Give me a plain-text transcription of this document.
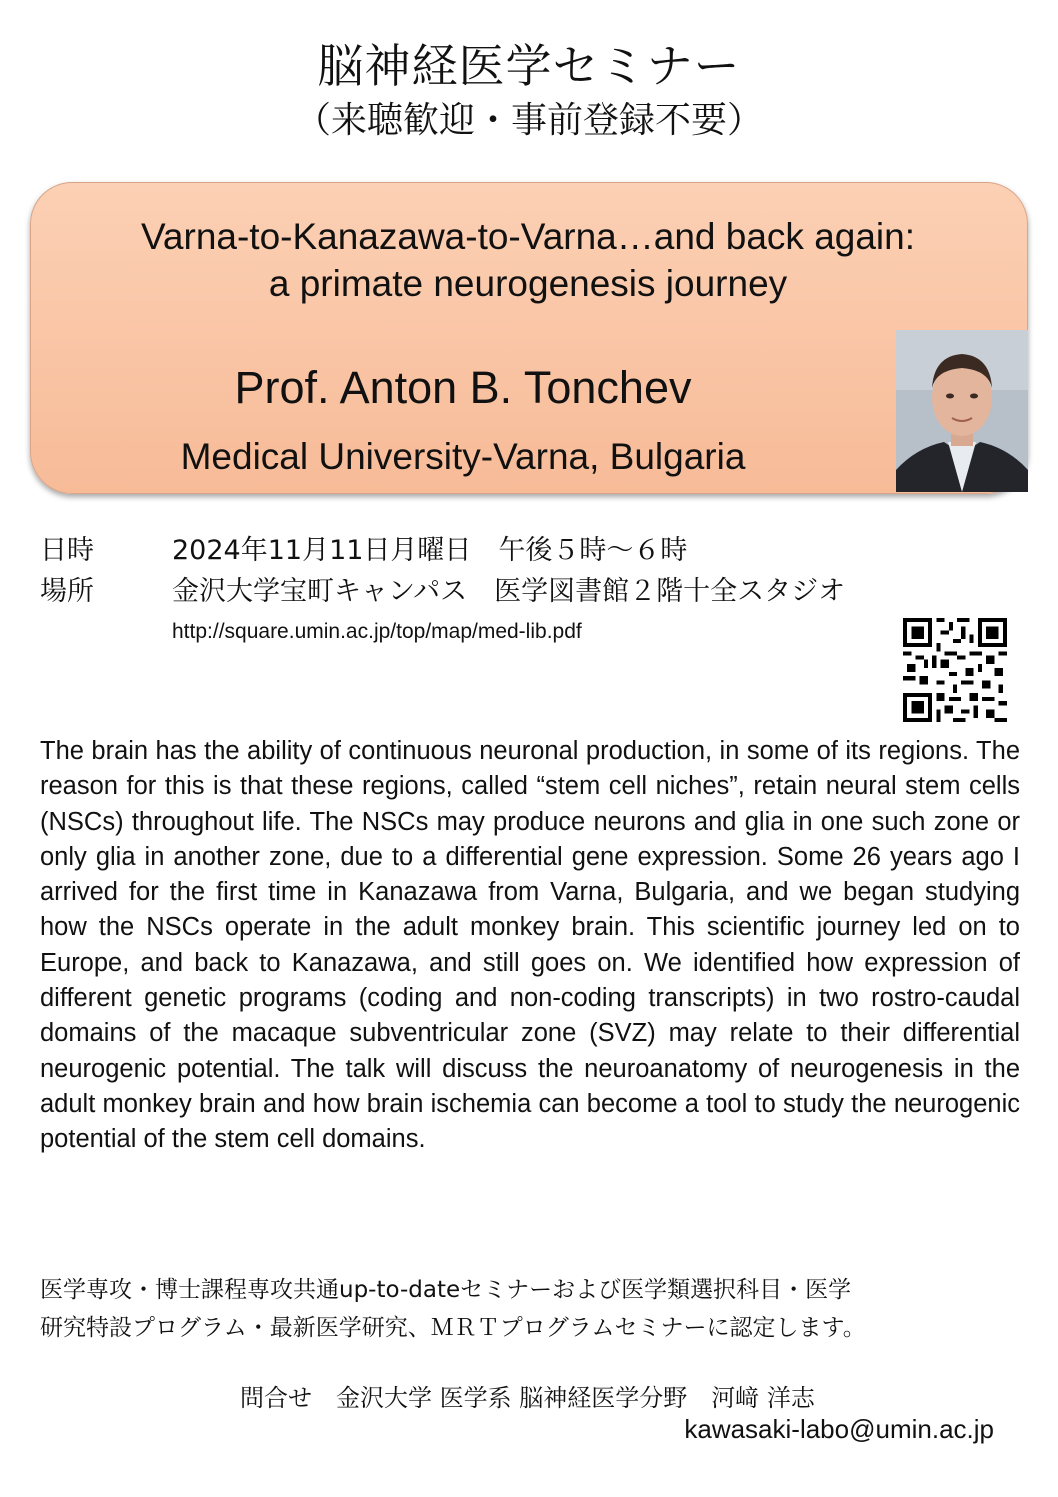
脳神経医学セミナー
（来聴歓迎・事前登録不要）
Varna-to-Kanazawa-to-Varna…and back again:
a primate neurogenesis journey
Prof. Anton B. Tonchev
Medical University-Varna, Bulgaria
日時	2024年11月11日月曜日　午後５時〜６時
場所	金沢大学宝町キャンパス　医学図書館２階十全スタジオ
http://square.umin.ac.jp/top/map/med-lib.pdf
The brain has the ability of continuous neuronal production, in some of its regions. The reason for this is that these regions, called “stem cell niches”, retain neural stem cells (NSCs) throughout life. The NSCs may produce neurons and glia in one such zone or only glia in another zone, due to a differential gene expression. Some 26 years ago I arrived for the first time in Kanazawa from Varna, Bulgaria, and we began studying how the NSCs operate in the adult monkey brain. This scientific journey led on to Europe, and back to Kanazawa, and still goes on. We identified how expression of different genetic programs (coding and non-coding transcripts) in two rostro-caudal domains of the macaque subventricular zone (SVZ) may relate to their differential neurogenic potential. The talk will discuss the neuroanatomy of neurogenesis in the adult monkey brain and how brain ischemia can become a tool to study the neurogenic potential of the stem cell domains.
医学専攻・博士課程専攻共通up-to-dateセミナーおよび医学類選択科目・医学
研究特設プログラム・最新医学研究、ＭＲＴプログラムセミナーに認定します。
問合せ　金沢大学 医学系 脳神経医学分野　河﨑 洋志
kawasaki-labo@umin.ac.jp
